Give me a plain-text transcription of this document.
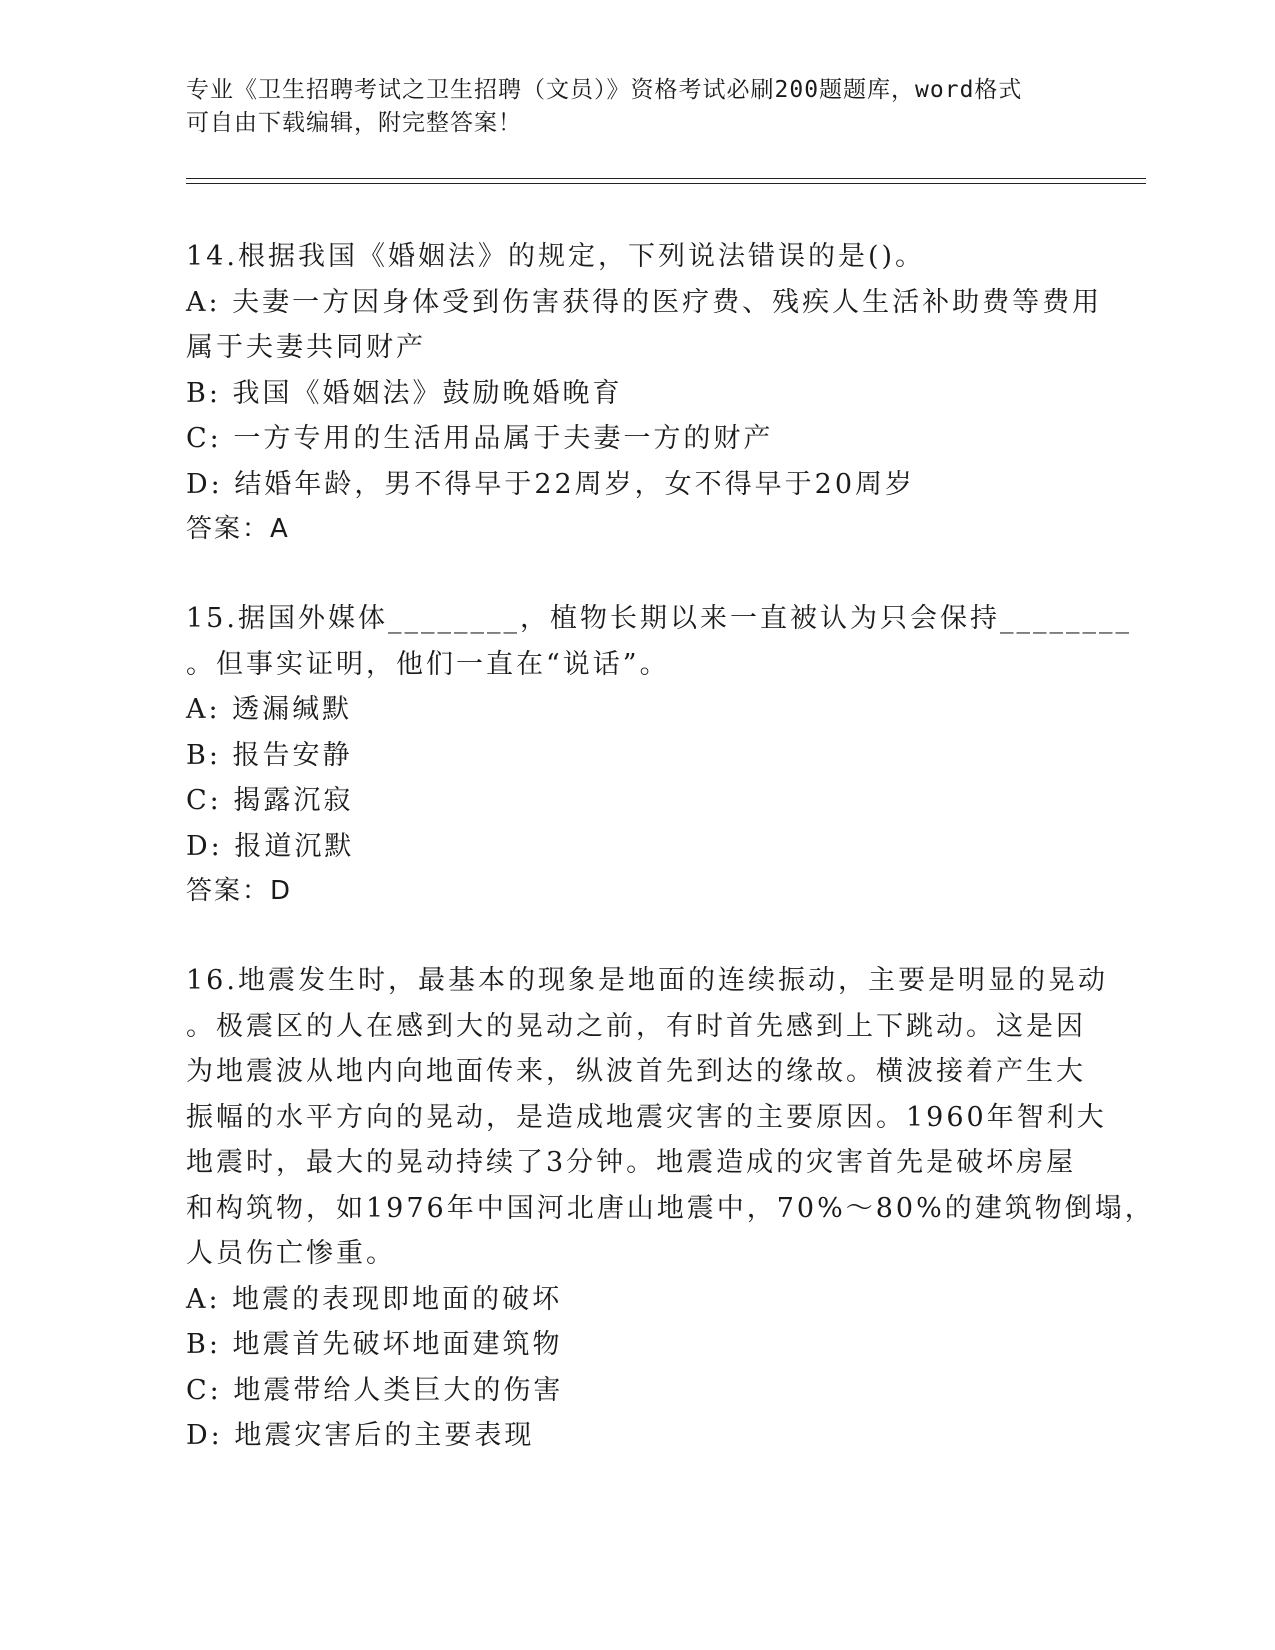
专业《卫生招聘考试之卫生招聘（文员）》资格考试必刷200题题库，word格式
可自由下载编辑，附完整答案！
14.根据我国《婚姻法》的规定，下列说法错误的是()。
A: 夫妻一方因身体受到伤害获得的医疗费、残疾人生活补助费等费用
属于夫妻共同财产
B: 我国《婚姻法》鼓励晚婚晚育
C: 一方专用的生活用品属于夫妻一方的财产
D: 结婚年龄，男不得早于22周岁，女不得早于20周岁
答案：A
15.据国外媒体________，植物长期以来一直被认为只会保持________
。但事实证明，他们一直在“说话”。
A: 透漏缄默
B: 报告安静
C: 揭露沉寂
D: 报道沉默
答案：D
16.地震发生时，最基本的现象是地面的连续振动，主要是明显的晃动
。极震区的人在感到大的晃动之前，有时首先感到上下跳动。这是因
为地震波从地内向地面传来，纵波首先到达的缘故。横波接着产生大
振幅的水平方向的晃动，是造成地震灾害的主要原因。1960年智利大
地震时，最大的晃动持续了3分钟。地震造成的灾害首先是破坏房屋
和构筑物，如1976年中国河北唐山地震中，70%～80%的建筑物倒塌，
人员伤亡惨重。
A: 地震的表现即地面的破坏
B: 地震首先破坏地面建筑物
C: 地震带给人类巨大的伤害
D: 地震灾害后的主要表现
